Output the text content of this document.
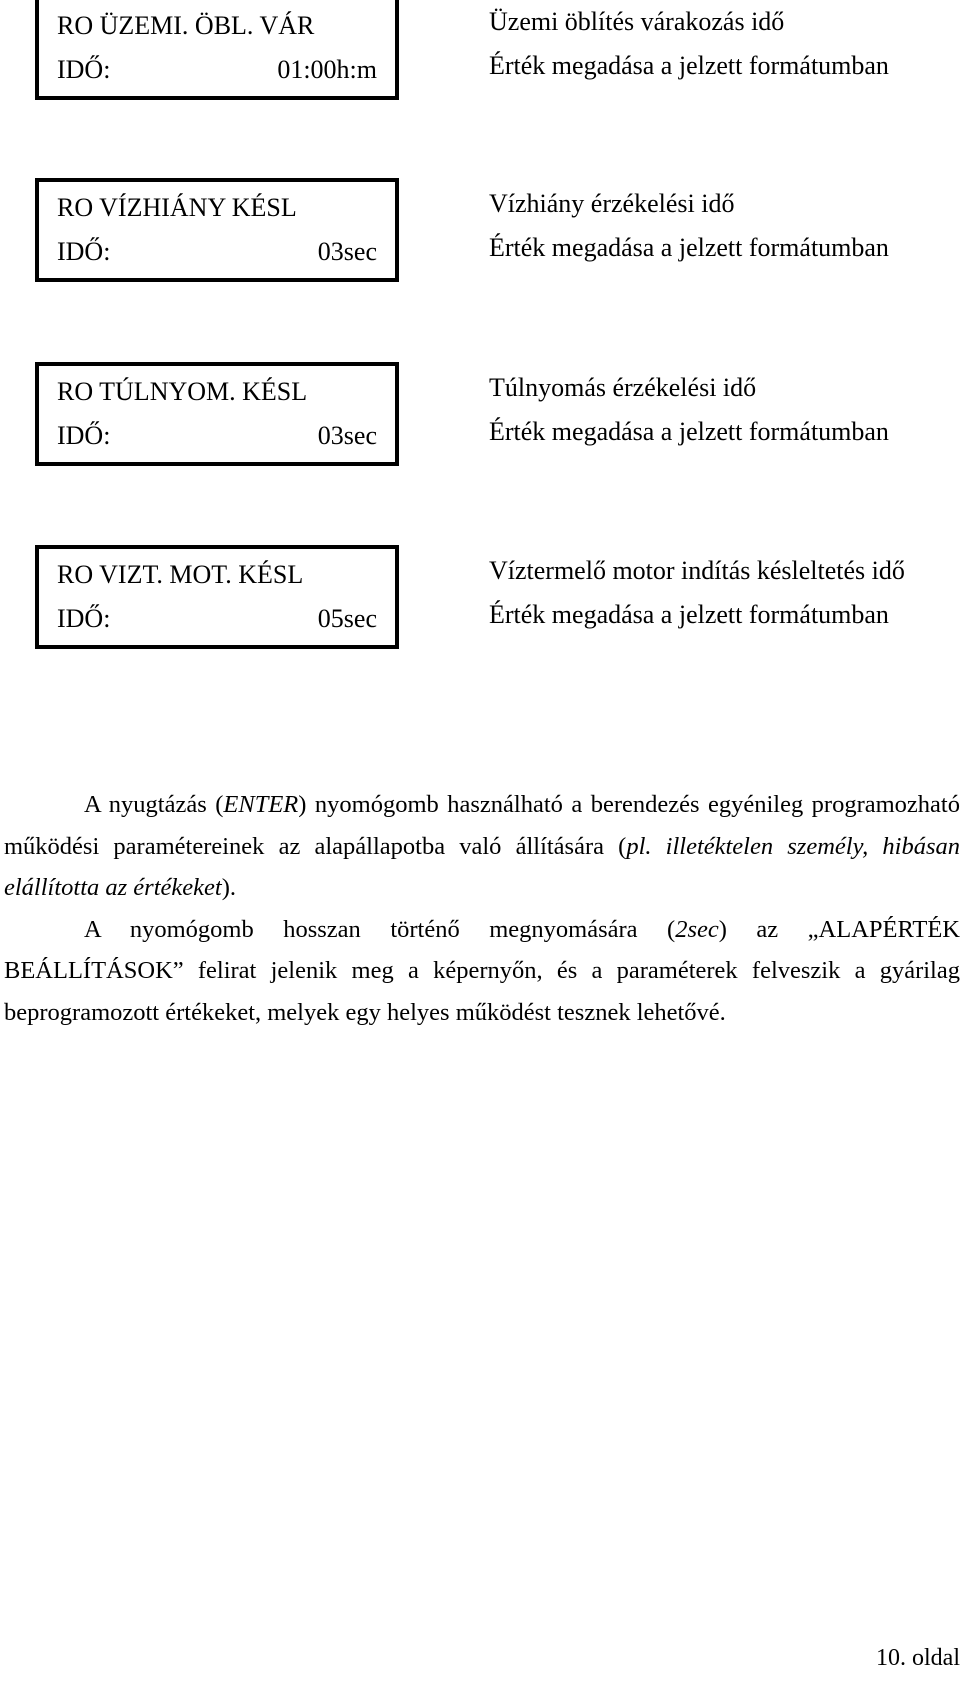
RO ÜZEMI. ÖBL. VÁR
IDŐ:	01:00h:m
Üzemi öblítés várakozás idő
Érték megadása a jelzett formátumban
RO VÍZHIÁNY KÉSL
IDŐ:	03sec
Vízhiány érzékelési idő
Érték megadása a jelzett formátumban
RO TÚLNYOM. KÉSL
IDŐ:	03sec
Túlnyomás érzékelési idő
Érték megadása a jelzett formátumban
RO VIZT. MOT. KÉSL
IDŐ:	05sec
Víztermelő motor indítás késleltetés idő
Érték megadása a jelzett formátumban

A nyugtázás (ENTER) nyomógomb használható a berendezés egyénileg programozható működési paramétereinek az alapállapotba való állítására (pl. illetéktelen személy, hibásan elállította az értékeket).

A nyomógomb hosszan történő megnyomására (2sec) az „ALAPÉRTÉK BEÁLLÍTÁSOK” felirat jelenik meg a képernyőn, és a paraméterek felveszik a gyárilag beprogramozott értékeket, melyek egy helyes működést tesznek lehetővé.

10. oldal
